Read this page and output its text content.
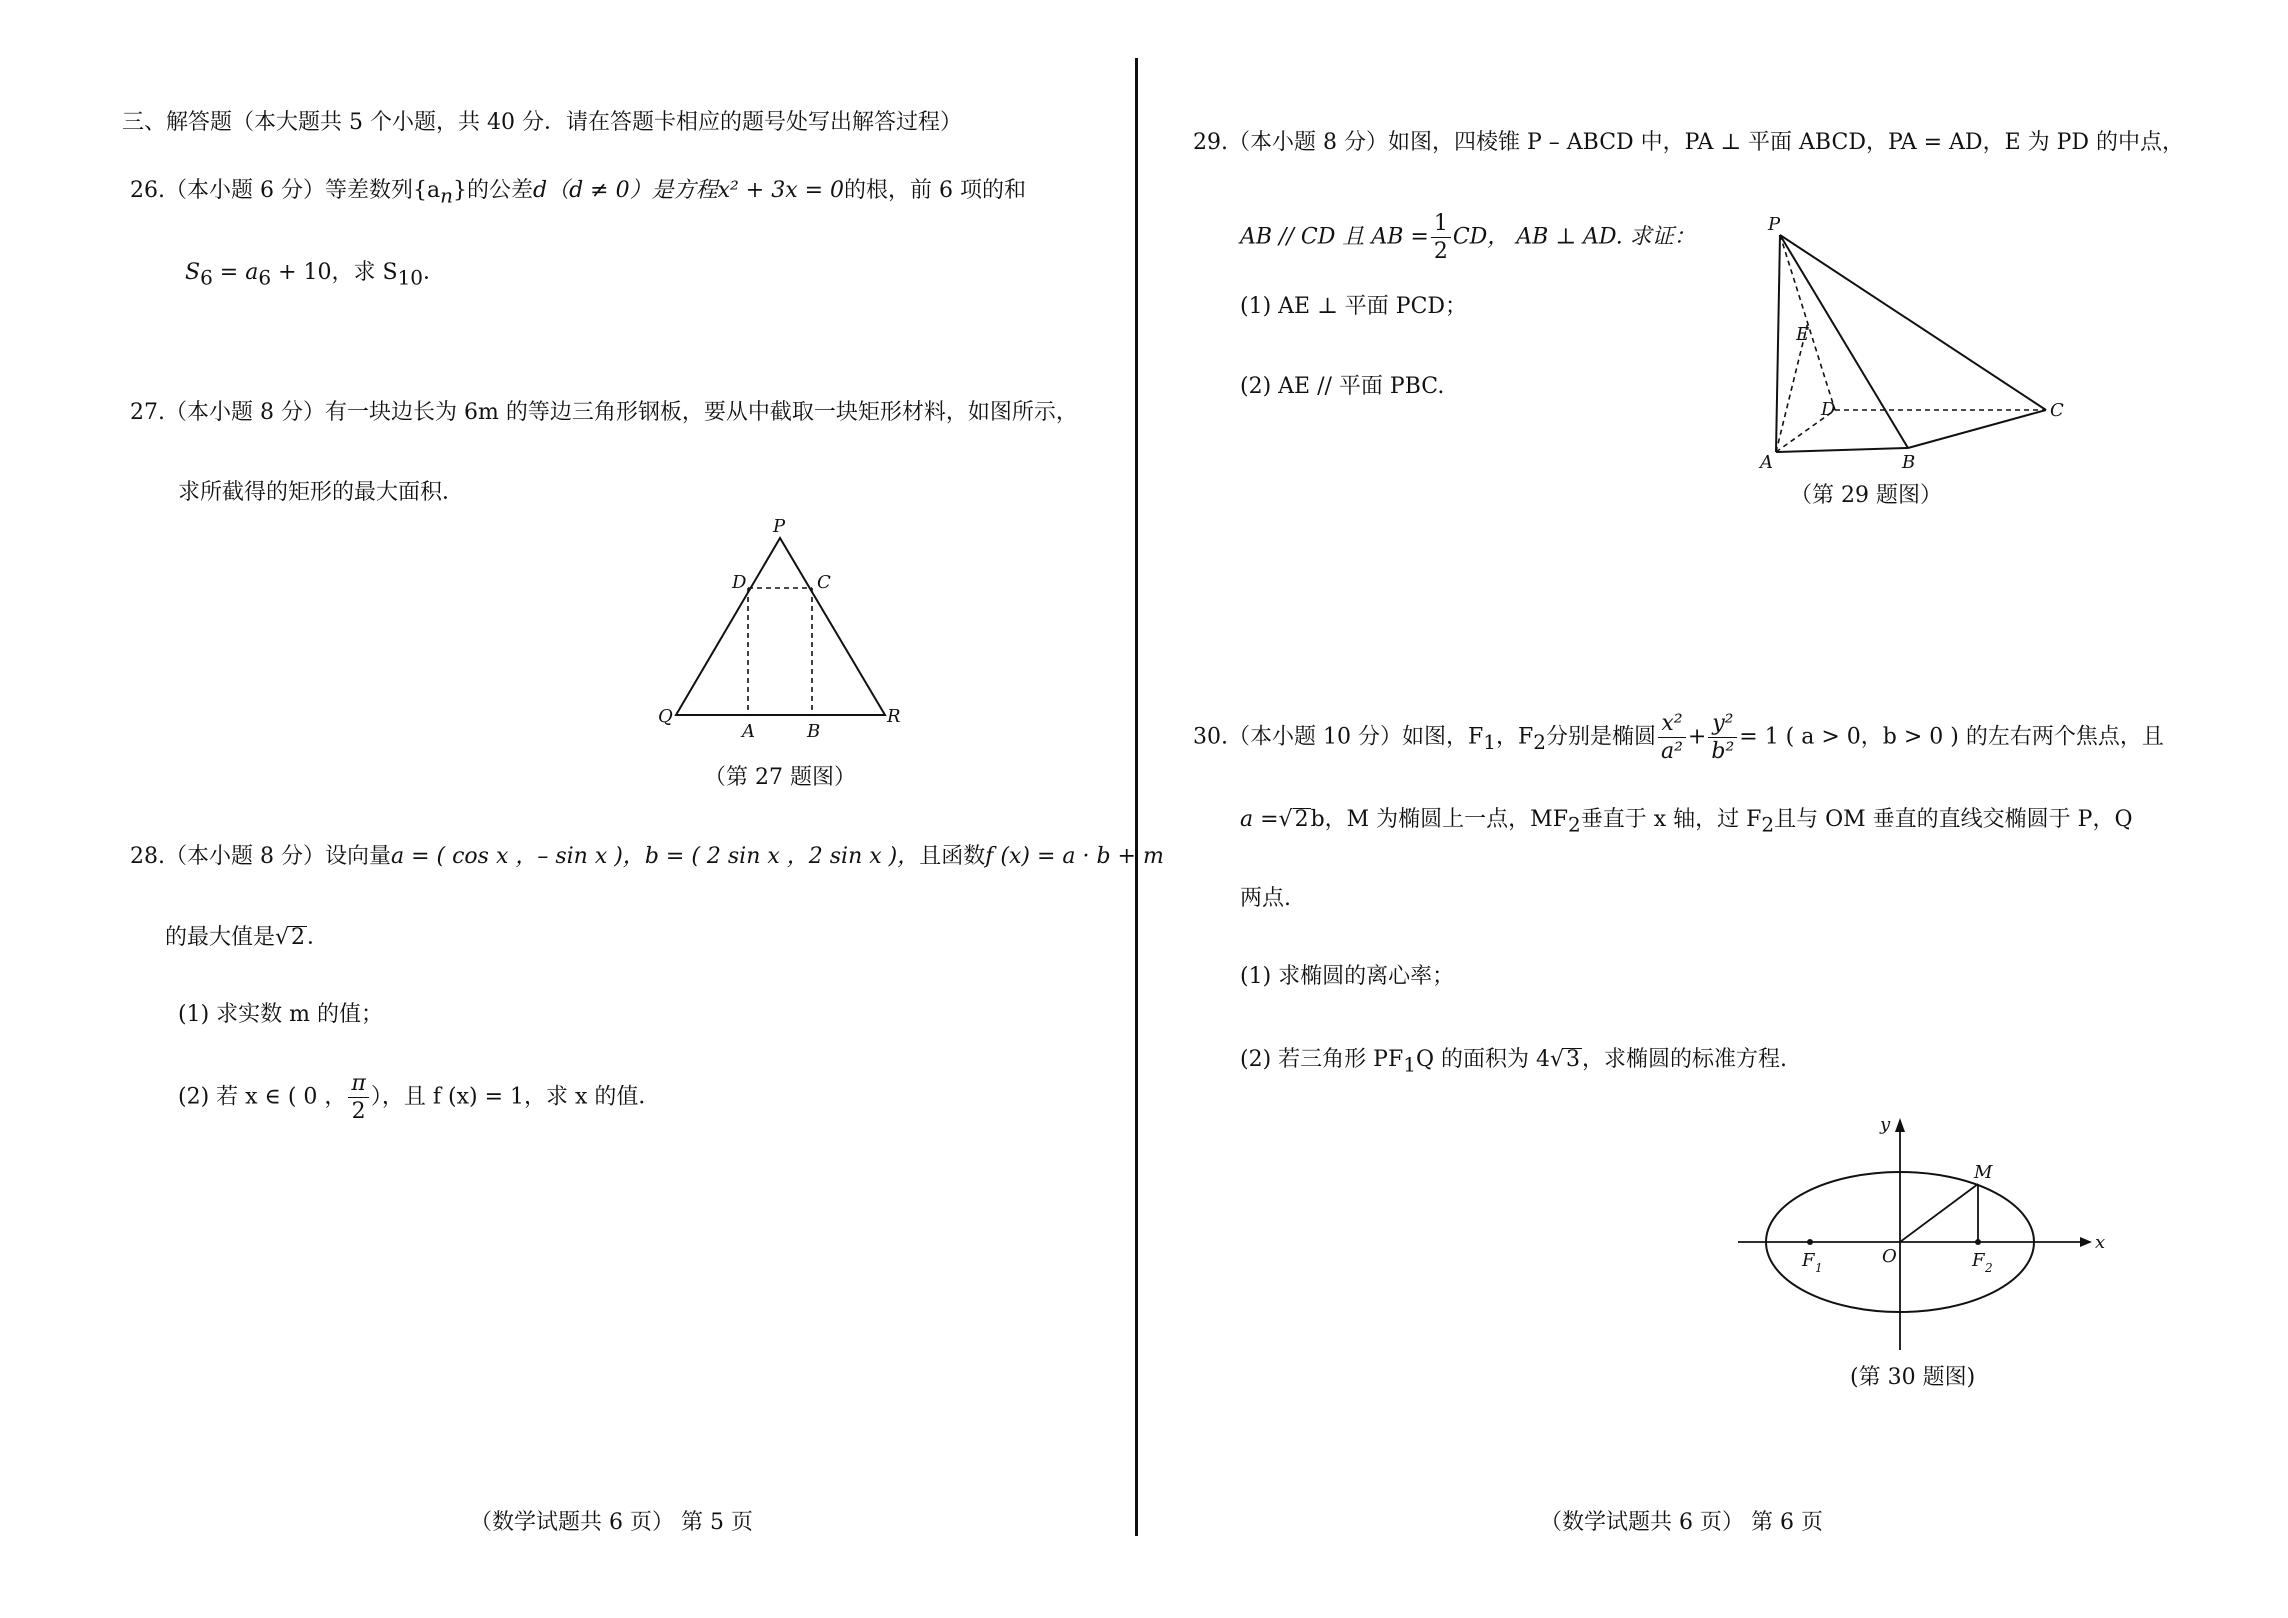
三、解答题（本大题共 5 个小题，共 40 分．请在答题卡相应的题号处写出解答过程）
26.（本小题 6 分）等差数列$\{a_n\}$的公差d（d ≠ 0）是方程x² + 3x = 0的根，前 6 项的和
$S_6 = a_6 + 10$，求 $S_{10}$．
27.（本小题 8 分）有一块边长为 6m 的等边三角形钢板，要从中截取一块矩形材料，如图所示，
求所截得的矩形的最大面积．
P
D	C
Q
A	B
R
（第 27 题图）
28.（本小题 8 分）设向量a = ( cos x ，– sin x )，b = ( 2 sin x ，2 sin x )，且函数f (x) = a · b + m
的最大值是√2．
(1) 求实数 m 的值；
(2) 若 x ∈ ( 0 ， $\frac{\pi}{2}$ ），且 f (x) = 1，求 x 的值．
（数学试题共 6 页） 第 5 页
29.（本小题 8 分）如图，四棱锥 P – ABCD 中，PA ⊥ 平面 ABCD，PA = AD，E 为 PD 的中点，
AB // CD 且 AB = $\frac{1}{2}$ CD， AB ⊥ AD. 求证：
(1) AE ⊥ 平面 PCD；
(2) AE // 平面 PBC.
P
E
D	C
A	B
（第 29 题图）
30.（本小题 10 分）如图，$F_1$，$F_2$分别是椭圆 $\frac{\text{x²}}{\text{a²}} + \frac{\text{y²}}{\text{b²}} = 1$ ( a > 0，b > 0 ) 的左右两个焦点，且
a =√2b，M 为椭圆上一点，$MF_2$垂直于 x 轴，过 $F_2$且与 OM 垂直的直线交椭圆于 P，Q
两点.
(1) 求椭圆的离心率；
(2) 若三角形 $PF_1Q$ 的面积为 4√3，求椭圆的标准方程.
y
x
M
O
F 1	F 2
(第 30 题图)
（数学试题共 6 页） 第 6 页
